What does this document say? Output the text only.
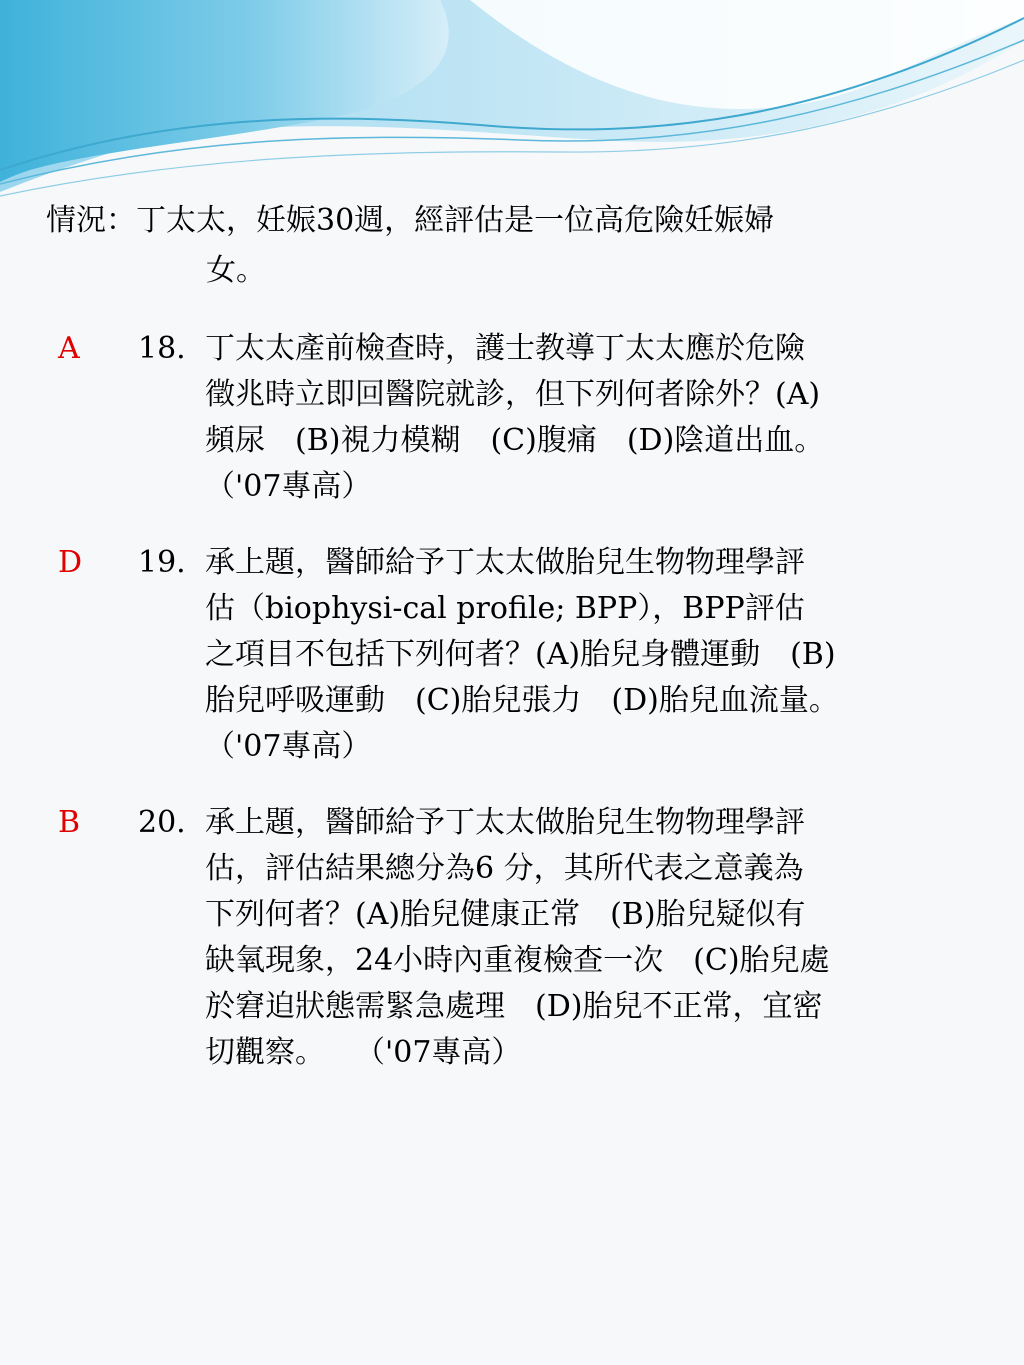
情況：丁太太，妊娠30週，經評估是一位高危險妊娠婦
女。
A	18. 丁太太產前檢查時，護士教導丁太太應於危險
徵兆時立即回醫院就診，但下列何者除外？(A)
頻尿　(B)視力模糊　(C)腹痛　(D)陰道出血。
（'07專高）
D	19. 承上題，醫師給予丁太太做胎兒生物物理學評
估（biophysi-cal profile; BPP），BPP評估
之項目不包括下列何者？(A)胎兒身體運動　(B)
胎兒呼吸運動　(C)胎兒張力　(D)胎兒血流量。
（'07專高）
B	20. 承上題，醫師給予丁太太做胎兒生物物理學評
估，評估結果總分為6 分，其所代表之意義為
下列何者？(A)胎兒健康正常　(B)胎兒疑似有
缺氧現象，24小時內重複檢查一次　(C)胎兒處
於窘迫狀態需緊急處理　(D)胎兒不正常，宜密
切觀察。　　（'07專高）
